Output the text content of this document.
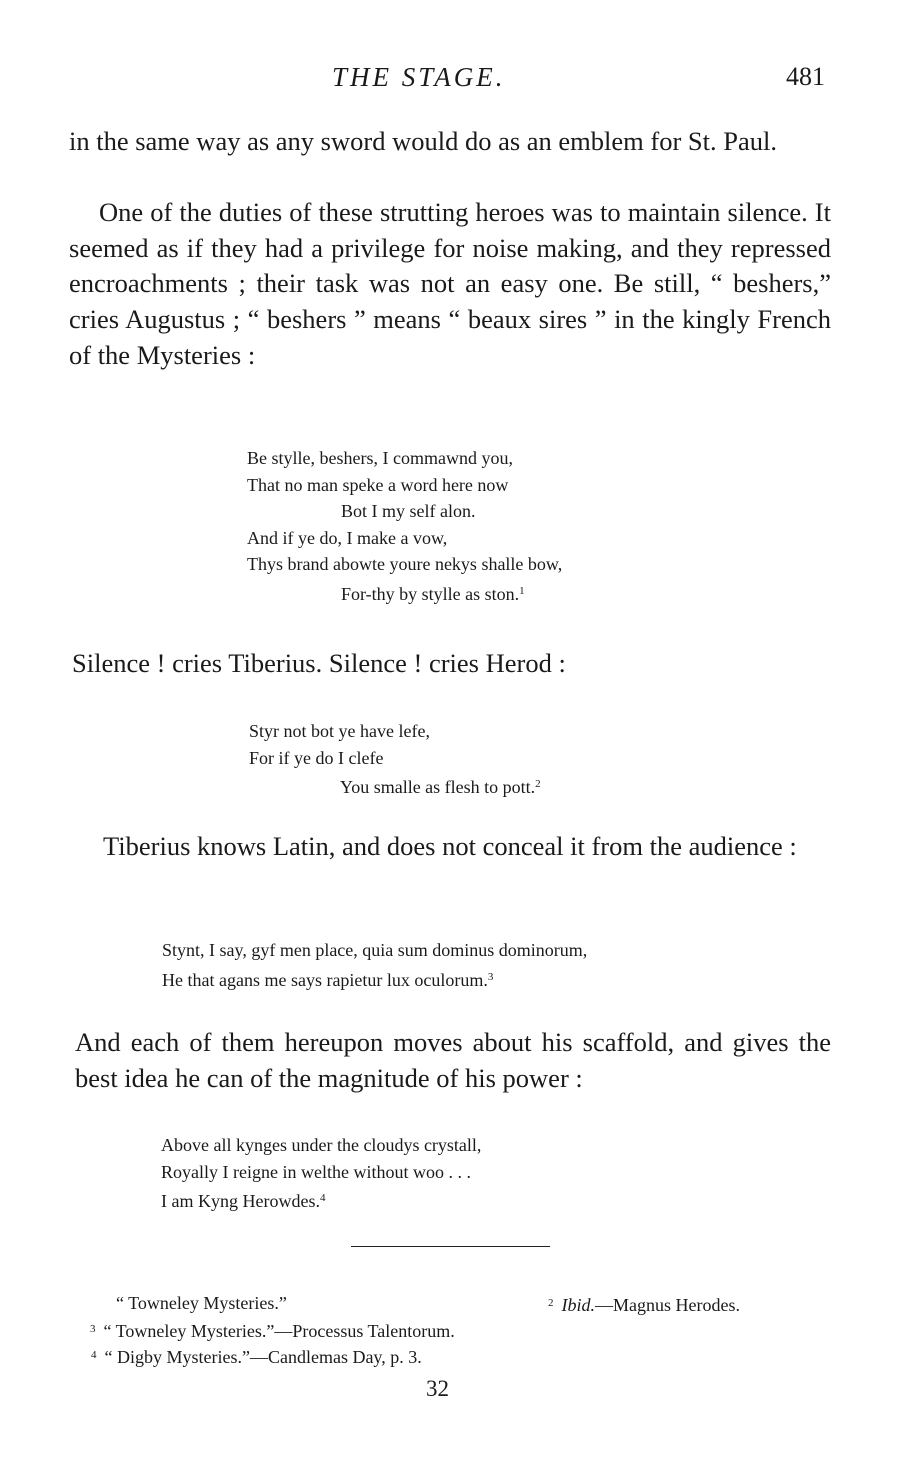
THE STAGE.	481

in the same way as any sword would do as an emblem for St. Paul.

One of the duties of these strutting heroes was to maintain silence. It seemed as if they had a privilege for noise making, and they repressed encroachments ; their task was not an easy one. Be still, “ beshers,” cries Augustus ; “ beshers ” means “ beaux sires ” in the kingly French of the Mysteries :

Be stylle, beshers, I commawnd you,
That no man speke a word here now
Bot I my self alon.
And if ye do, I make a vow,
Thys brand abowte youre nekys shalle bow,
For-thy by stylle as ston.$^1$
Silence ! cries Tiberius. Silence ! cries Herod :
Styr not bot ye have lefe,
For if ye do I clefe
You smalle as flesh to pott.$^2$

Tiberius knows Latin, and does not conceal it from the audience :

Stynt, I say, gyf men place, quia sum dominus dominorum,
He that agans me says rapietur lux oculorum.$^3$

And each of them hereupon moves about his scaffold, and gives the best idea he can of the magnitude of his power :

Above all kynges under the cloudys crystall,
Royally I reigne in welthe without woo . . .
I am Kyng Herowdes.$^4$
“ Towneley Mysteries.”	$^2$ Ibid.—Magnus Herodes.
$^3$ “ Towneley Mysteries.”—Processus Talentorum.
$^4$ “ Digby Mysteries.”—Candlemas Day, p. 3.
32
